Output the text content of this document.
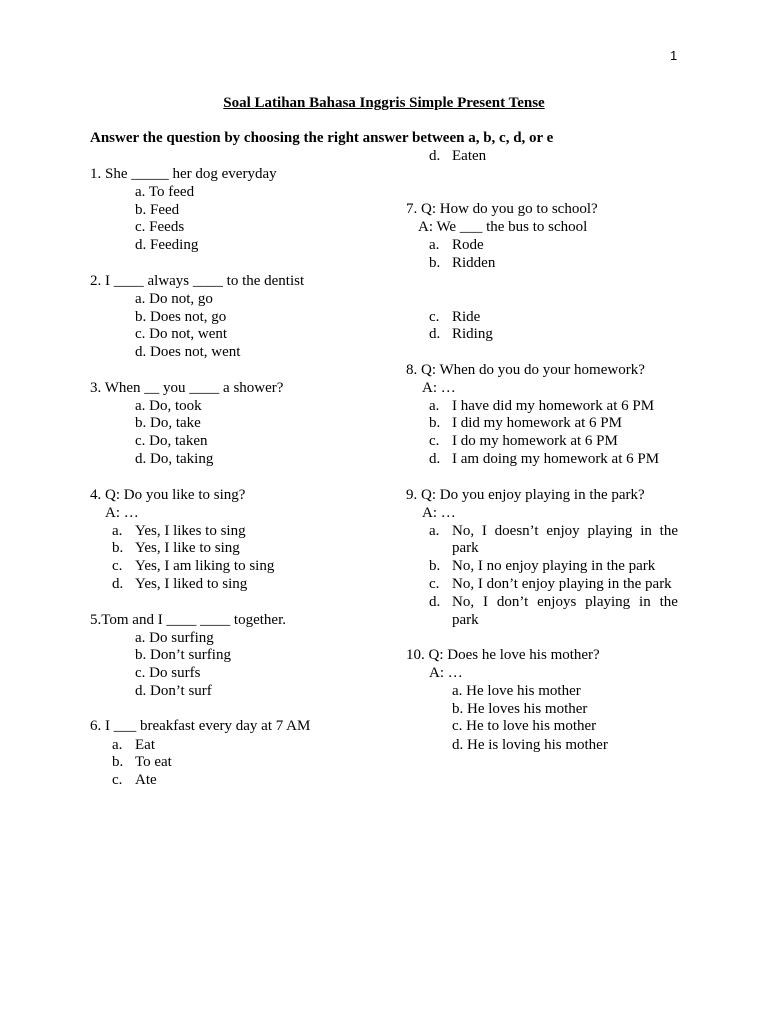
1
Soal Latihan Bahasa Inggris Simple Present Tense
Answer the question by choosing the right answer between a, b, c, d, or e
1. She _____ her dog everyday
a. To feed
b. Feed
c. Feeds
d. Feeding
2. I ____ always ____ to the dentist
a. Do not, go
b. Does not, go
c. Do not, went
d. Does not, went
3. When __ you ____ a shower?
a. Do, took
b. Do, take
c. Do, taken
d. Do, taking
4. Q: Do you like to sing?
A: …
a. Yes, I likes to sing
b. Yes, I like to sing
c. Yes, I am liking to sing
d. Yes, I liked to sing
5.Tom and I ____ ____ together.
a. Do surfing
b. Don’t surfing
c. Do surfs
d. Don’t surf
6. I ___ breakfast every day at 7 AM
a. Eat
b. To eat
c. Ate
d. Eaten
7. Q: How do you go to school?
A: We ___ the bus to school
a. Rode
b. Ridden
c. Ride
d. Riding
8. Q: When do you do your homework?
A: …
a. I have did my homework at 6 PM
b. I did my homework at 6 PM
c. I do my homework at 6 PM
d. I am doing my homework at 6 PM
9. Q: Do you enjoy playing in the park?
A: …
a. No, I doesn’t enjoy playing in the
park
b. No, I no enjoy playing in the park
c. No, I don’t enjoy playing in the park
d. No, I don’t enjoys playing in the
park
10. Q: Does he love his mother?
A: …
a. He love his mother
b. He loves his mother
c. He to love his mother
d. He is loving his mother
